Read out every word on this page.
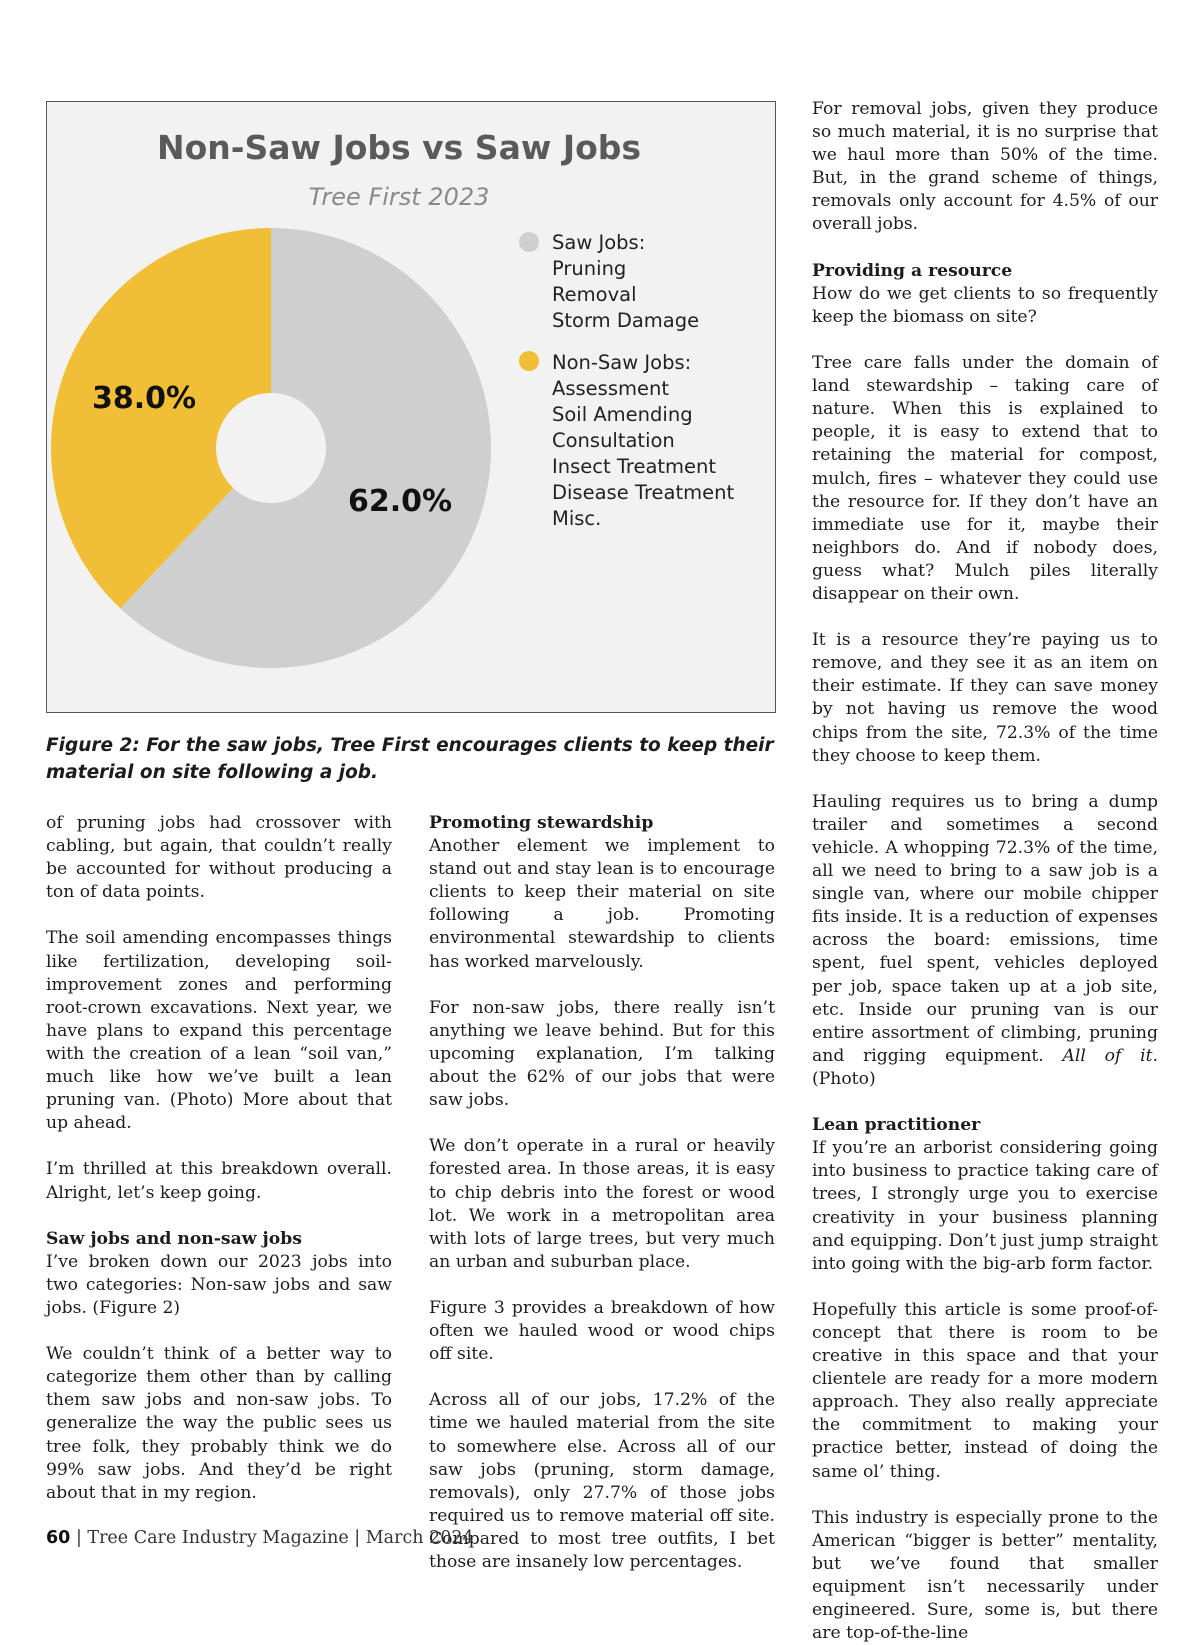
Non-Saw Jobs vs Saw Jobs
Tree First 2023
62.0%
38.0%
Saw Jobs: Pruning Removal Storm Damage
Non-Saw Jobs: Assessment Soil Amending Consultation Insect Treatment Disease Treatment Misc.
Figure 2: For the saw jobs, Tree First encourages clients to keep their material on site following a job.

of pruning jobs had crossover with cabling, but again, that couldn’t really be accounted for without producing a ton of data points.

The soil amending encompasses things like fertilization, developing soil-improvement zones and performing root-crown excavations. Next year, we have plans to expand this percentage with the creation of a lean “soil van,” much like how we’ve built a lean pruning van. (Photo) More about that up ahead.

I’m thrilled at this breakdown overall. Alright, let’s keep going.

Saw jobs and non-saw jobs

I’ve broken down our 2023 jobs into two categories: Non-saw jobs and saw jobs. (Figure 2)

We couldn’t think of a better way to categorize them other than by calling them saw jobs and non-saw jobs. To generalize the way the public sees us tree folk, they probably think we do 99% saw jobs. And they’d be right about that in my region.

Promoting stewardship

Another element we implement to stand out and stay lean is to encourage clients to keep their material on site following a job. Promoting environmental stewardship to clients has worked marvelously.

For non-saw jobs, there really isn’t anything we leave behind. But for this upcoming explanation, I’m talking about the 62% of our jobs that were saw jobs.

We don’t operate in a rural or heavily forested area. In those areas, it is easy to chip debris into the forest or wood lot. We work in a metropolitan area with lots of large trees, but very much an urban and suburban place.

Figure 3 provides a breakdown of how often we hauled wood or wood chips off site.

Across all of our jobs, 17.2% of the time we hauled material from the site to somewhere else. Across all of our saw jobs (pruning, storm damage, removals), only 27.7% of those jobs required us to remove material off site. Compared to most tree outfits, I bet those are insanely low percentages.

For removal jobs, given they produce so much material, it is no surprise that we haul more than 50% of the time. But, in the grand scheme of things, removals only account for 4.5% of our overall jobs.

Providing a resource

How do we get clients to so frequently keep the biomass on site?

Tree care falls under the domain of land stewardship – taking care of nature. When this is explained to people, it is easy to extend that to retaining the material for compost, mulch, fires – whatever they could use the resource for. If they don’t have an immediate use for it, maybe their neighbors do. And if nobody does, guess what? Mulch piles literally disappear on their own.

It is a resource they’re paying us to remove, and they see it as an item on their estimate. If they can save money by not having us remove the wood chips from the site, 72.3% of the time they choose to keep them.

Hauling requires us to bring a dump trailer and sometimes a second vehicle. A whopping 72.3% of the time, all we need to bring to a saw job is a single van, where our mobile chipper fits inside. It is a reduction of expenses across the board: emissions, time spent, fuel spent, vehicles deployed per job, space taken up at a job site, etc. Inside our pruning van is our entire assortment of climbing, pruning and rigging equipment. All of it. (Photo)

Lean practitioner

If you’re an arborist considering going into business to practice taking care of trees, I strongly urge you to exercise creativity in your business planning and equipping. Don’t just jump straight into going with the big-arb form factor.

Hopefully this article is some proof-of-concept that there is room to be creative in this space and that your clientele are ready for a more modern approach. They also really appreciate the commitment to making your practice better, instead of doing the same ol’ thing.

This industry is especially prone to the American “bigger is better” mentality, but we’ve found that smaller equipment isn’t necessarily under engineered. Sure, some is, but there are top-of-the-line

60 | Tree Care Industry Magazine | March 2024
